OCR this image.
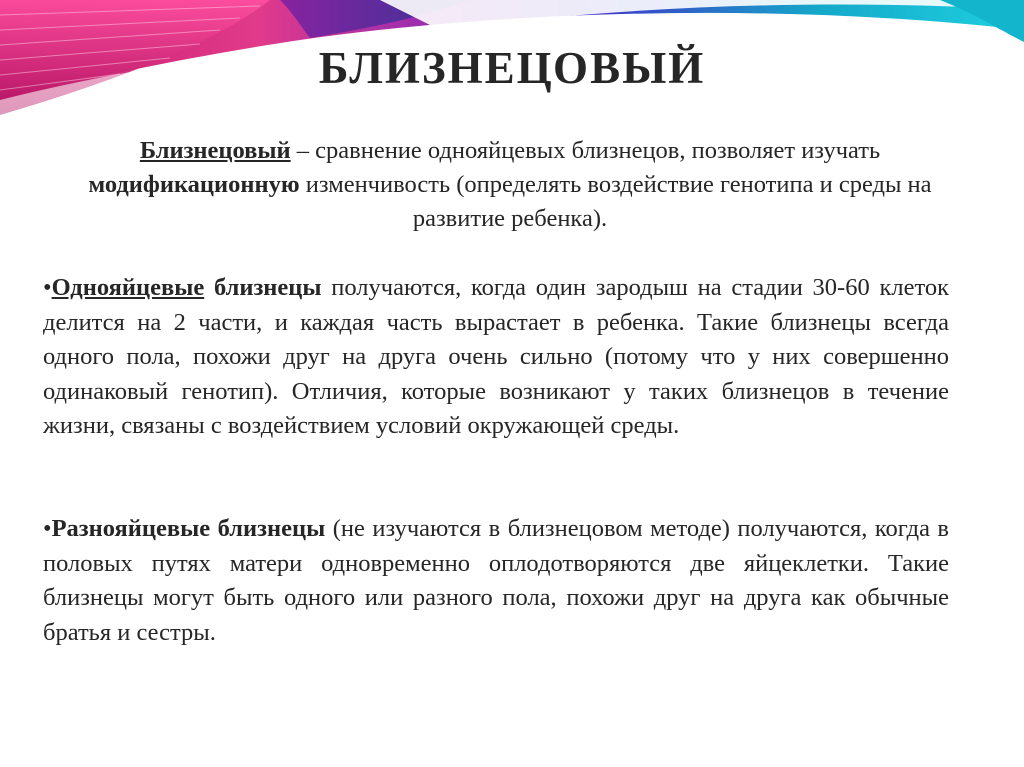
БЛИЗНЕЦОВЫЙ

Близнецовый – сравнение однояйцевых близнецов, позволяет изучать модификационную изменчивость (определять воздействие генотипа и среды на развитие ребенка).

•Однояйцевые близнецы получаются, когда один зародыш на стадии 30-60 клеток делится на 2 части, и каждая часть вырастает в ребенка. Такие близнецы всегда одного пола, похожи друг на друга очень сильно (потому что у них совершенно одинаковый генотип). Отличия, которые возникают у таких близнецов в течение жизни, связаны с воздействием условий окружающей среды.

•Разнояйцевые близнецы (не изучаются в близнецовом методе) получаются, когда в половых путях матери одновременно оплодотворяются две яйцеклетки. Такие близнецы могут быть одного или разного пола, похожи друг на друга как обычные братья и сестры.
